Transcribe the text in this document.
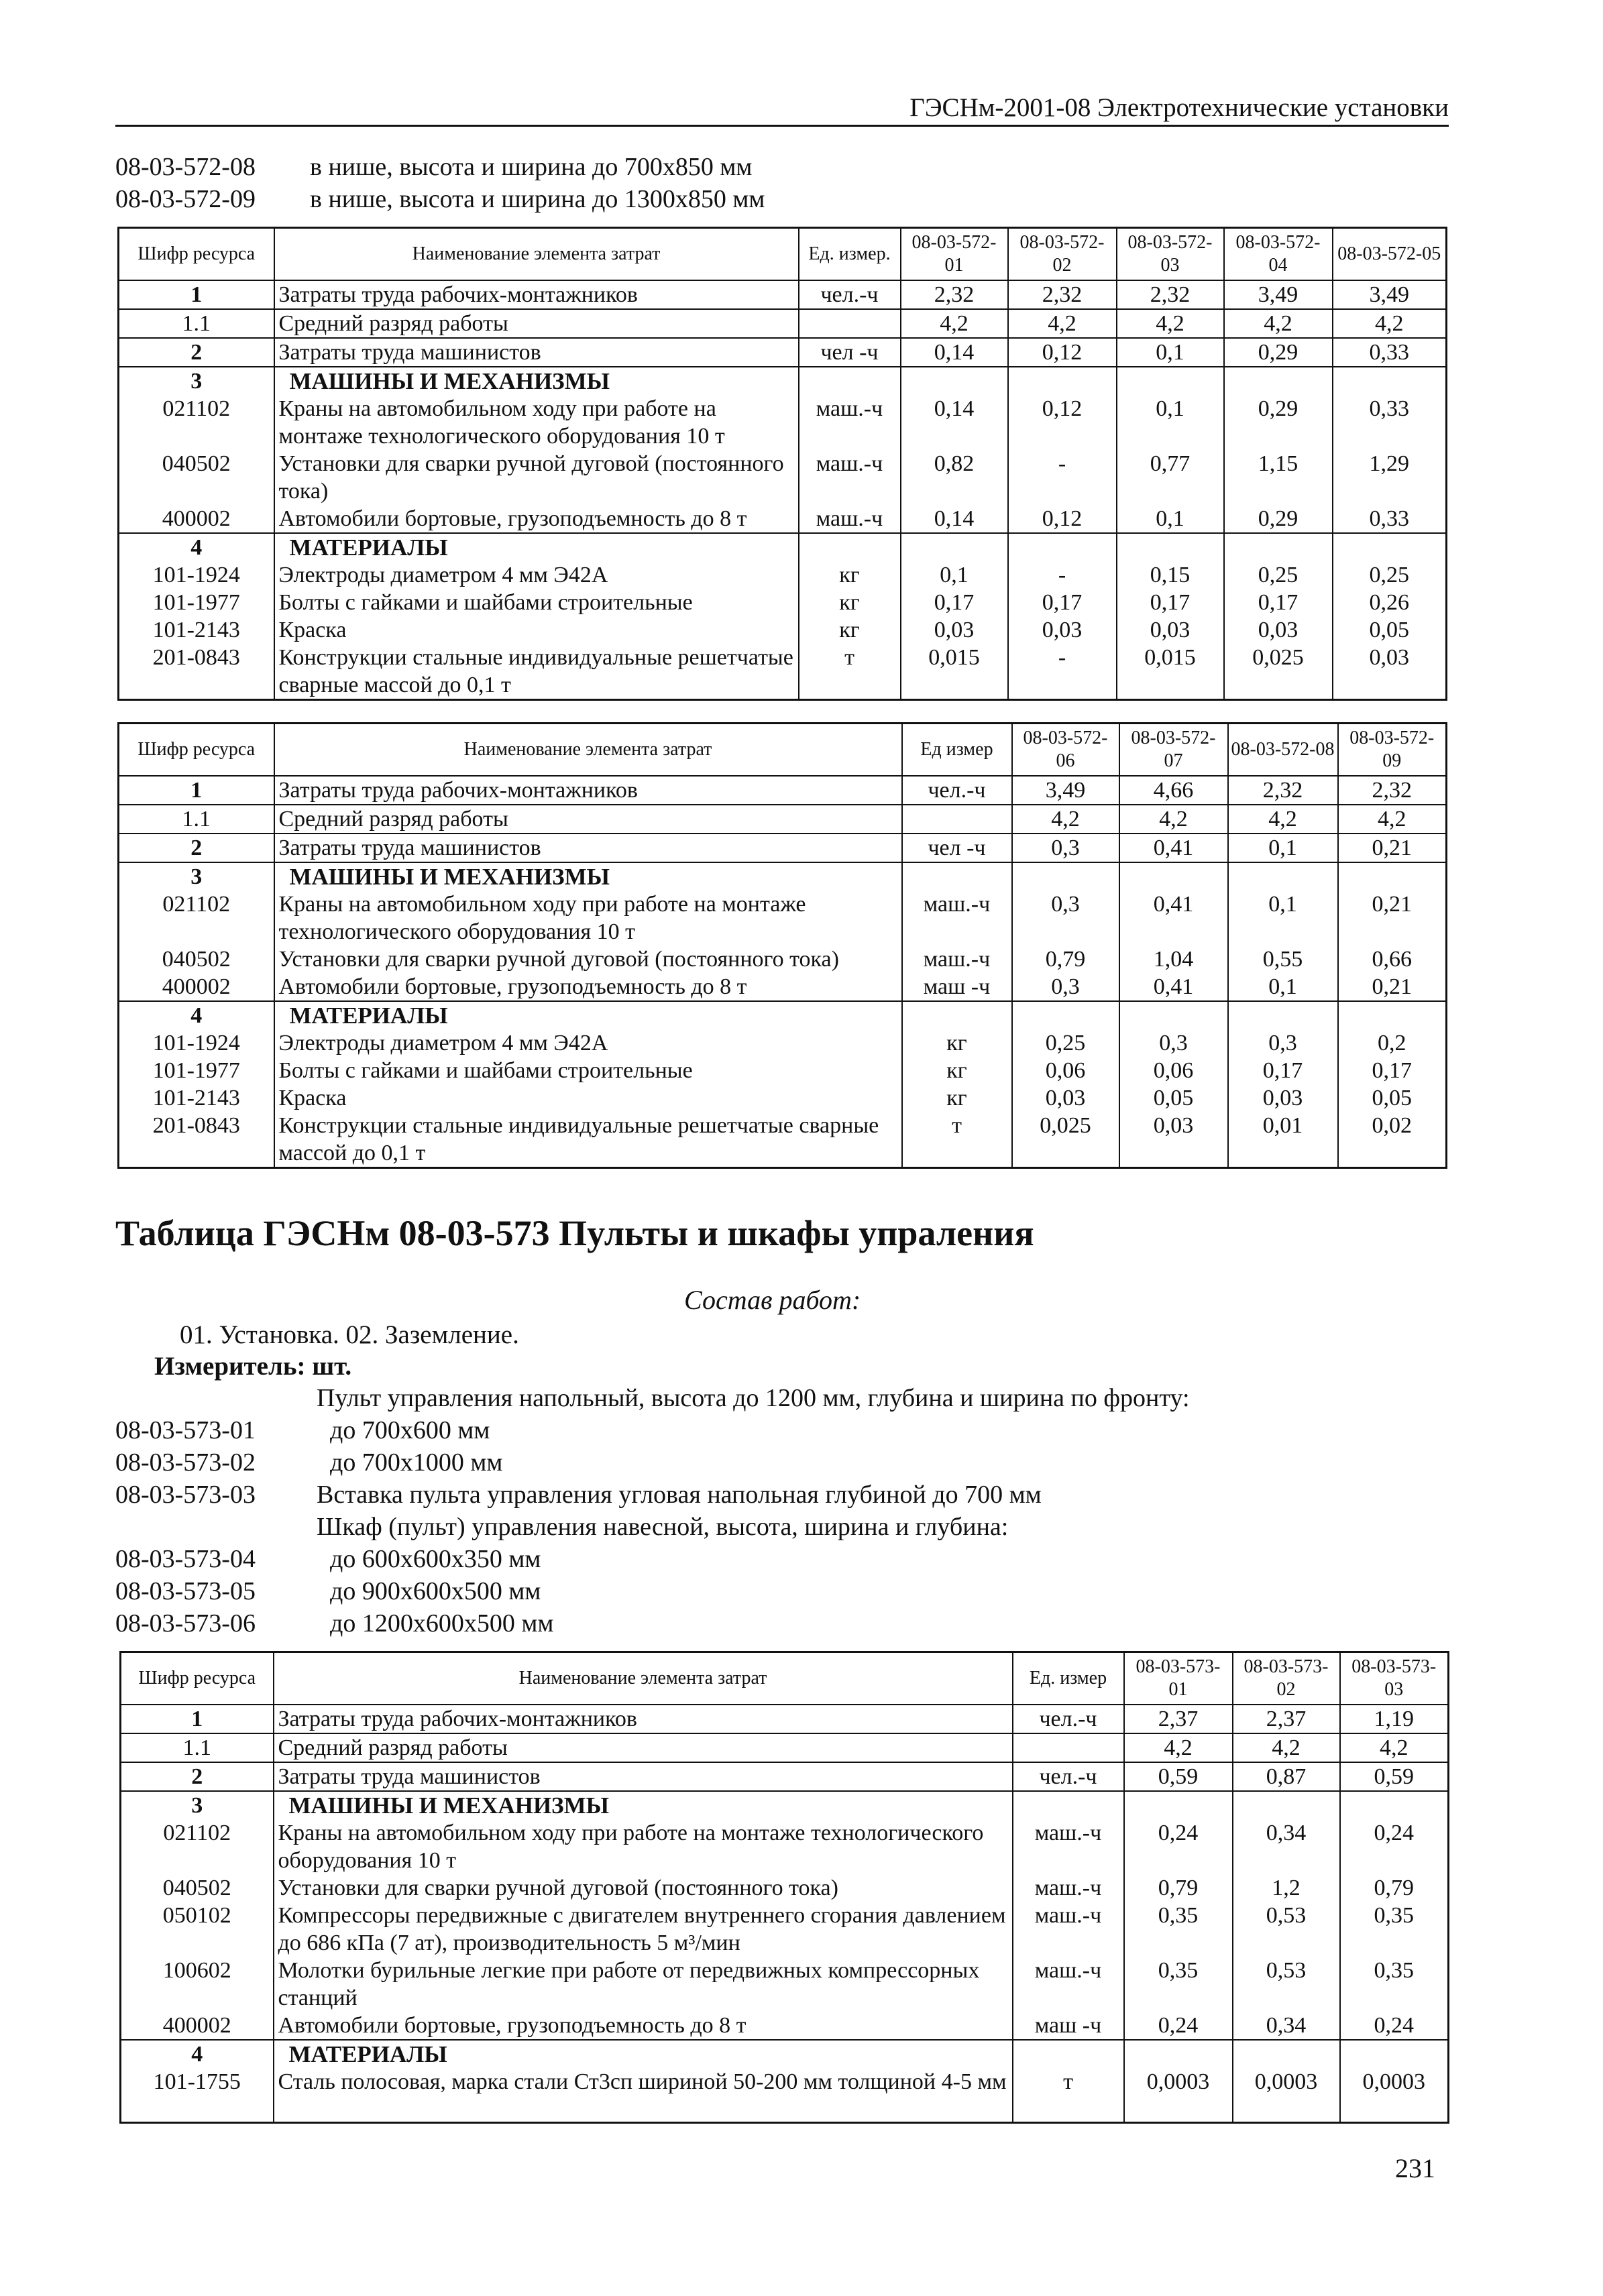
ГЭСНм-2001-08 Электротехнические установки
08-03-572-08 в нише, высота и ширина до 700х850 мм
08-03-572-09 в нише, высота и ширина до 1300х850 мм
Шифр ресурса	Наименование элемента затрат	Ед. измер.	08-03-572-01	08-03-572-02	08-03-572-03	08-03-572-04	08-03-572-05
1	Затраты труда рабочих-монтажников	чел.-ч	2,32	2,32	2,32	3,49	3,49
1.1	Средний разряд работы		4,2	4,2	4,2	4,2	4,2
2	Затраты труда машинистов	чел -ч	0,14	0,12	0,1	0,29	0,33
3	МАШИНЫ И МЕХАНИЗМЫ						
021102	Краны на автомобильном ходу при работе на монтаже технологического оборудования 10 т	маш.-ч	0,14	0,12	0,1	0,29	0,33
040502	Установки для сварки ручной дуговой (постоянного тока)	маш.-ч	0,82	-	0,77	1,15	1,29
400002	Автомобили бортовые, грузоподъемность до 8 т	маш.-ч	0,14	0,12	0,1	0,29	0,33
4	МАТЕРИАЛЫ						
101-1924	Электроды диаметром 4 мм Э42А	кг	0,1	-	0,15	0,25	0,25
101-1977	Болты с гайками и шайбами строительные	кг	0,17	0,17	0,17	0,17	0,26
101-2143	Краска	кг	0,03	0,03	0,03	0,03	0,05
201-0843	Конструкции стальные индивидуальные решетчатые сварные массой до 0,1 т	т	0,015	-	0,015	0,025	0,03
Шифр ресурса	Наименование элемента затрат	Ед измер	08-03-572-06	08-03-572-07	08-03-572-08	08-03-572-09
1	Затраты труда рабочих-монтажников	чел.-ч	3,49	4,66	2,32	2,32
1.1	Средний разряд работы		4,2	4,2	4,2	4,2
2	Затраты труда машинистов	чел -ч	0,3	0,41	0,1	0,21
3	МАШИНЫ И МЕХАНИЗМЫ					
021102	Краны на автомобильном ходу при работе на монтаже технологического оборудования 10 т	маш.-ч	0,3	0,41	0,1	0,21
040502	Установки для сварки ручной дуговой (постоянного тока)	маш.-ч	0,79	1,04	0,55	0,66
400002	Автомобили бортовые, грузоподъемность до 8 т	маш -ч	0,3	0,41	0,1	0,21
4	МАТЕРИАЛЫ					
101-1924	Электроды диаметром 4 мм Э42А	кг	0,25	0,3	0,3	0,2
101-1977	Болты с гайками и шайбами строительные	кг	0,06	0,06	0,17	0,17
101-2143	Краска	кг	0,03	0,05	0,03	0,05
201-0843	Конструкции стальные индивидуальные решетчатые сварные массой до 0,1 т	т	0,025	0,03	0,01	0,02
Таблица ГЭСНм 08-03-573 Пульты и шкафы упраления
Состав работ:
01. Установка. 02. Заземление.
Измеритель: шт.
Пульт управления напольный, высота до 1200 мм, глубина и ширина по фронту:
08-03-573-01	до 700х600 мм
08-03-573-02	до 700х1000 мм
08-03-573-03 Вставка пульта управления угловая напольная глубиной до 700 мм
Шкаф (пульт) управления навесной, высота, ширина и глубина:
08-03-573-04	до 600х600х350 мм
08-03-573-05	до 900х600х500 мм
08-03-573-06	до 1200х600х500 мм
Шифр ресурса	Наименование элемента затрат	Ед. измер	08-03-573-01	08-03-573-02	08-03-573-03
1	Затраты труда рабочих-монтажников	чел.-ч	2,37	2,37	1,19
1.1	Средний разряд работы		4,2	4,2	4,2
2	Затраты труда машинистов	чел.-ч	0,59	0,87	0,59
3	МАШИНЫ И МЕХАНИЗМЫ				
021102	Краны на автомобильном ходу при работе на монтаже технологического оборудования 10 т	маш.-ч	0,24	0,34	0,24
040502	Установки для сварки ручной дуговой (постоянного тока)	маш.-ч	0,79	1,2	0,79
050102	Компрессоры передвижные с двигателем внутреннего сгорания давлением до 686 кПа (7 ат), производительность 5 м³/мин	маш.-ч	0,35	0,53	0,35
100602	Молотки бурильные легкие при работе от передвижных компрессорных станций	маш.-ч	0,35	0,53	0,35
400002	Автомобили бортовые, грузоподъемность до 8 т	маш -ч	0,24	0,34	0,24
4	МАТЕРИАЛЫ				
101-1755	Сталь полосовая, марка стали Ст3сп шириной 50-200 мм толщиной 4-5 мм	т	0,0003	0,0003	0,0003
231
